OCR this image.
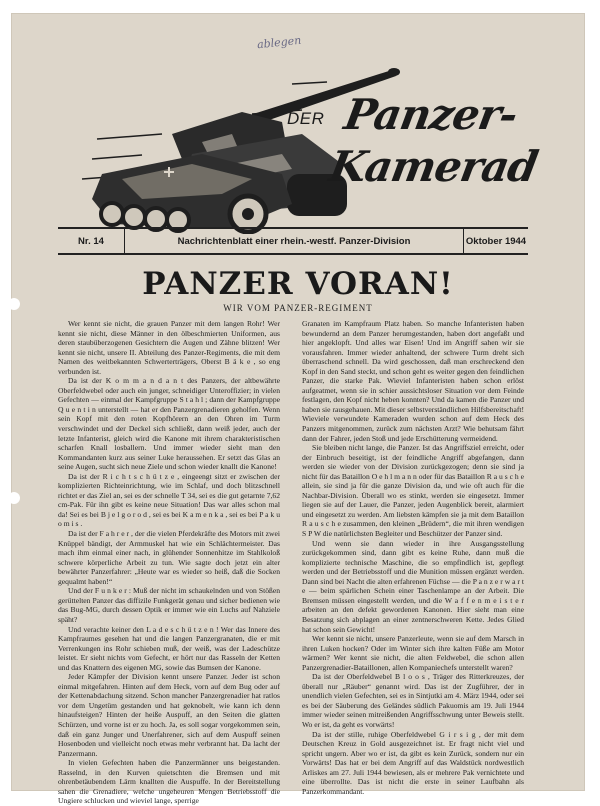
ablegen
DER Panzer-
Kamerad
Nr. 14	Nachrichtenblatt einer rhein.-westf. Panzer-Division	Oktober 1944
PANZER VORAN!
WIR VOM PANZER-REGIMENT

Wer kennt sie nicht, die grauen Panzer mit dem langen Rohr! Wer kennt sie nicht, diese Männer in den ölbeschmierten Uniformen, aus deren staubüberzogenen Gesichtern die Augen und Zähne blitzen! Wer kennt sie nicht, unsere II. Abteilung des Panzer-Regiments, die mit dem Namen des weitbekannten Schwerterträgers, Oberst B ä k e , so eng verbunden ist.

Da ist der K o m m a n d a n t des Panzers, der altbewährte Oberfeldwebel oder auch ein junger, schneidiger Unteroffizier; in vielen Gefechten — einmal der Kampfgruppe S t a h l ; dann der Kampfgruppe Q u e n t i n unterstellt — hat er den Panzergrenadieren geholfen. Wenn sein Kopf mit den roten Kopfhörern an den Ohren im Turm verschwindet und der Deckel sich schließt, dann weiß jeder, auch der letzte Infanterist, gleich wird die Kanone mit ihrem charakteristischen scharfen Knall losballern. Und immer wieder sieht man den Kommandanten kurz aus seiner Luke heraussehen. Er setzt das Glas an seine Augen, sucht sich neue Ziele und schon wieder knallt die Kanone!

Da ist der R i c h t s c h ü t z e , eingeengt sitzt er zwischen der komplizierten Richteinrichtung, wie im Schlaf, und doch blitzschnell richtet er das Ziel an, sei es der schnelle T 34, sei es die gut getarnte 7,62 cm-Pak. Für ihn gibt es keine neue Situation! Das war alles schon mal da! Sei es bei B j e l g o r o d , sei es bei K a m e n k a , sei es bei P a k u o m i s .

Da ist der F a h r e r , der die vielen Pferdekräfte des Motors mit zwei Knüppel bändigt, der Armmuskel hat wie ein Schlächtermeister. Das mach ihm einmal einer nach, in glühender Sonnenhitze im Stahlkoloß schwere körperliche Arbeit zu tun. Wie sagte doch jetzt ein alter bewährter Panzerfahrer: „Heute war es wieder so heiß, daß die Socken gequalmt haben!“

Und der F u n k e r : Muß der nicht im schaukelnden und von Stößen gerüttelten Panzer das diffizile Funkgerät genau und sicher bedienen wie das Bug-MG, durch dessen Optik er immer wie ein Luchs auf Nahziele späht?

Und verachte keiner den L a d e s c h ü t z e n ! Wer das Innere des Kampfraumes gesehen hat und die langen Panzergranaten, die er mit Verrenkungen ins Rohr schieben muß, der weiß, was der Ladeschütze leistet. Er sieht nichts vom Gefecht, er hört nur das Rasseln der Ketten und das Knattern des eigenen MG, sowie das Bumsen der Kanone.

Jeder Kämpfer der Division kennt unsere Panzer. Jeder ist schon einmal mitgefahren. Hinten auf dem Heck, vorn auf dem Bug oder auf der Kettenabdachung sitzend. Schon mancher Panzergrenadier hat ratlos vor dem Ungetüm gestanden und hat geknobelt, wie kann ich denn hinaufsteigen? Hinten der heiße Auspuff, an den Seiten die glatten Schürzen, und vorne ist er zu hoch. Ja, es soll sogar vorgekommen sein, daß ein ganz Junger und Unerfahrener, sich auf dem Auspuff seinen Hosenboden und vielleicht noch etwas mehr verbrannt hat. Da lacht der Panzermann.

In vielen Gefechten haben die Panzermänner uns beigestanden. Rasselnd, in den Kurven quietschten die Bremsen und mit ohrenbetäubendem Lärm knallten die Auspuffe. In der Bereitstellung sahen die Grenadiere, welche ungeheuren Mengen Betriebsstoff die Ungiere schlucken und wieviel lange, sperrige

Granaten im Kampfraum Platz haben. So manche Infanteristen haben bewundernd an dem Panzer herumgestanden, haben dort angefaßt und hier angeklopft. Und alles war Eisen! Und im Angriff sahen wir sie vorausfahren. Immer wieder anhaltend, der schwere Turm dreht sich überraschend schnell. Da wird geschossen, daß man erschreckend den Kopf in den Sand steckt, und schon geht es weiter gegen den feindlichen Panzer, die starke Pak. Wieviel Infanteristen haben schon erlöst aufgeatmet, wenn sie in schier aussichtsloser Situation vor dem Feinde festlagen, den Kopf nicht heben konnten? Und da kamen die Panzer und haben sie rausgehauen. Mit dieser selbstverständlichen Hilfsbereitschaft! Wieviele verwundete Kameraden wurden schon auf dem Heck des Panzers mitgenommen, zurück zum nächsten Arzt? Wie behutsam fährt dann der Fahrer, jeden Stoß und jede Erschütterung vermeidend.

Sie bleiben nicht lange, die Panzer. Ist das Angriffsziel erreicht, oder der Einbruch beseitigt, ist der feindliche Angriff abgefangen, dann werden sie wieder von der Division zurückgezogen; denn sie sind ja nicht für das Bataillon O e h l m a n n oder für das Bataillon R a u s c h e allein, sie sind ja für die ganze Division da, und wie oft auch für die Nachbar-Division. Überall wo es stinkt, werden sie eingesetzt. Immer liegen sie auf der Lauer, die Panzer, jeden Augenblick bereit, alarmiert und eingesetzt zu werden. Am liebsten kämpfen sie ja mit dem Bataillon R a u s c h e zusammen, den kleinen „Brüdern“, die mit ihren wendigen S P W die natürlichsten Begleiter und Beschützer der Panzer sind.

Und wenn sie dann wieder in ihre Ausgangsstellung zurückgekommen sind, dann gibt es keine Ruhe, dann muß die komplizierte technische Maschine, die so empfindlich ist, gepflegt werden und der Betriebsstoff und die Munition müssen ergänzt werden. Dann sind bei Nacht die alten erfahrenen Füchse — die P a n z e r w a r t e — beim spärlichen Schein einer Taschenlampe an der Arbeit. Die Bremsen müssen eingestellt werden, und die W a f f e n m e i s t e r arbeiten an den defekt gewordenen Kanonen. Hier sieht man eine Besatzung sich abplagen an einer zentnerschweren Kette. Jedes Glied hat schon sein Gewicht!

Wer kennt sie nicht, unsere Panzerleute, wenn sie auf dem Marsch in ihren Luken hocken? Oder im Winter sich ihre kalten Füße am Motor wärmen? Wer kennt sie nicht, die alten Feldwebel, die schon allen Panzergrenadier-Bataillonen, allen Kompaniechefs unterstellt waren?

Da ist der Oberfeldwebel B l o o s , Träger des Ritterkreuzes, der überall nur „Räuber“ genannt wird. Das ist der Zugführer, der in unendlich vielen Gefechten, sei es in Sintjutki am 4. März 1944, oder sei es bei der Säuberung des Geländes südlich Pakuomis am 19. Juli 1944 immer wieder seinen mitreißenden Angriffsschwung unter Beweis stellt. Wo er ist, da geht es vorwärts!

Da ist der stille, ruhige Oberfeldwebel G i r s i g , der mit dem Deutschen Kreuz in Gold ausgezeichnet ist. Er fragt nicht viel und spricht ungern. Aber wo er ist, da gibt es kein Zurück, sondern nur ein Vorwärts! Das hat er bei dem Angriff auf das Waldstück nordwestlich Arliskes am 27. Juli 1944 bewiesen, als er mehrere Pak vernichtete und eine überrollte. Das ist nicht die erste in seiner Laufbahn als Panzerkommandant.
